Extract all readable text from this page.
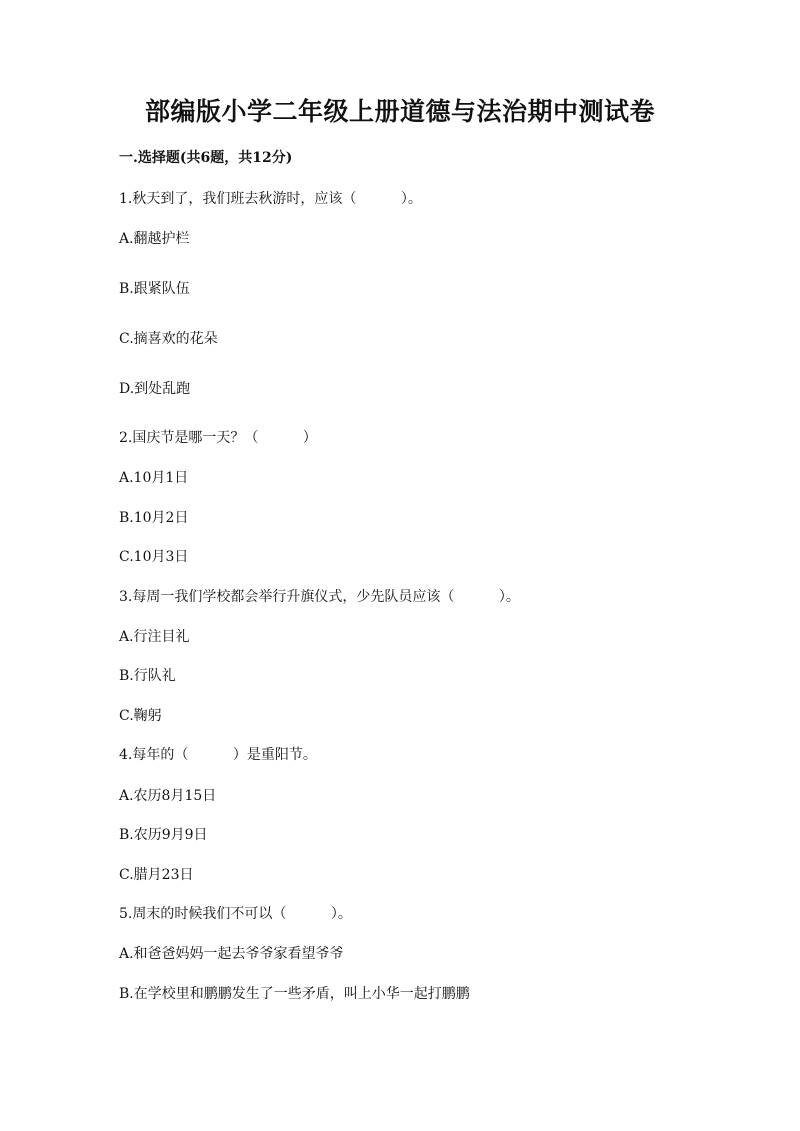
部编版小学二年级上册道德与法治期中测试卷
一.选择题(共6题，共12分)
1.秋天到了，我们班去秋游时，应该（          ）。
A.翻越护栏
B.跟紧队伍
C.摘喜欢的花朵
D.到处乱跑
2.国庆节是哪一天？（          ）
A.10月1日
B.10月2日
C.10月3日
3.每周一我们学校都会举行升旗仪式，少先队员应该（          ）。
A.行注目礼
B.行队礼
C.鞠躬
4.每年的（          ）是重阳节。
A.农历8月15日
B.农历9月9日
C.腊月23日
5.周末的时候我们不可以（          ）。
A.和爸爸妈妈一起去爷爷家看望爷爷
B.在学校里和鹏鹏发生了一些矛盾，叫上小华一起打鹏鹏
